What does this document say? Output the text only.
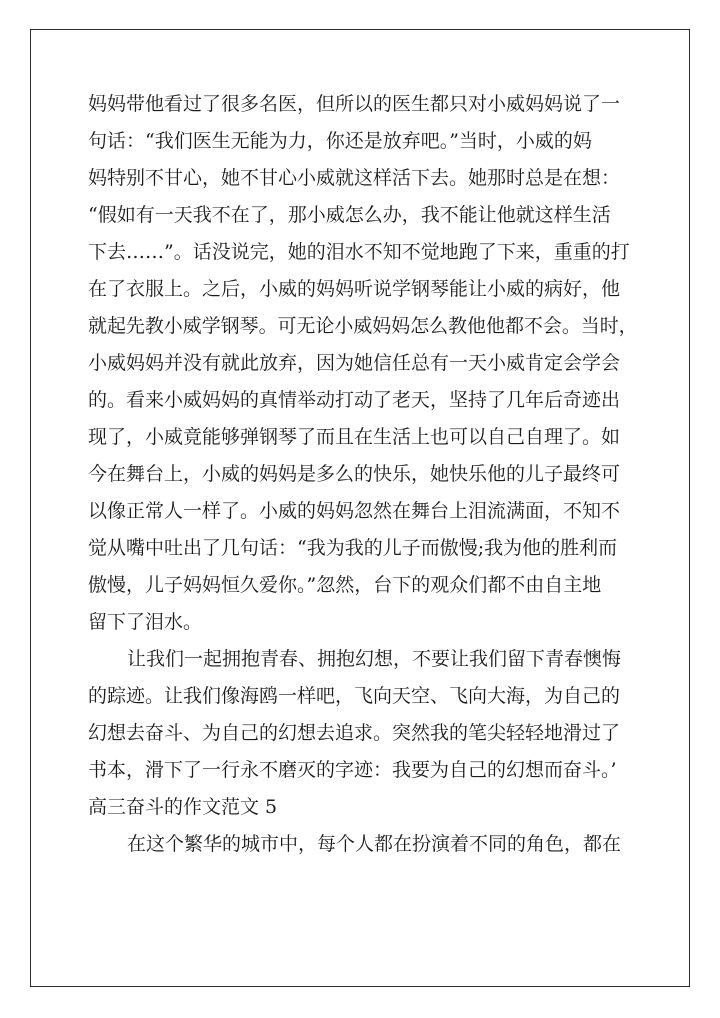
妈妈带他看过了很多名医，但所以的医生都只对小威妈妈说了一
句话：“我们医生无能为力，你还是放弃吧。”当时，小威的妈
妈特别不甘心，她不甘心小威就这样活下去。她那时总是在想：
“假如有一天我不在了，那小威怎么办，我不能让他就这样生活
下去……”。话没说完，她的泪水不知不觉地跑了下来，重重的打
在了衣服上。之后，小威的妈妈听说学钢琴能让小威的病好，他
就起先教小威学钢琴。可无论小威妈妈怎么教他他都不会。当时，
小威妈妈并没有就此放弃，因为她信任总有一天小威肯定会学会
的。看来小威妈妈的真情举动打动了老天，坚持了几年后奇迹出
现了，小威竟能够弹钢琴了而且在生活上也可以自己自理了。如
今在舞台上，小威的妈妈是多么的快乐，她快乐他的儿子最终可
以像正常人一样了。小威的妈妈忽然在舞台上泪流满面，不知不
觉从嘴中吐出了几句话：“我为我的儿子而傲慢;我为他的胜利而
傲慢，儿子妈妈恒久爱你。”忽然，台下的观众们都不由自主地
留下了泪水。
让我们一起拥抱青春、拥抱幻想，不要让我们留下青春懊悔
的踪迹。让我们像海鸥一样吧，飞向天空、飞向大海，为自己的
幻想去奋斗、为自己的幻想去追求。突然我的笔尖轻轻地滑过了
书本，滑下了一行永不磨灭的字迹：我要为自己的幻想而奋斗。’
高三奋斗的作文范文 5
在这个繁华的城市中，每个人都在扮演着不同的角色，都在
